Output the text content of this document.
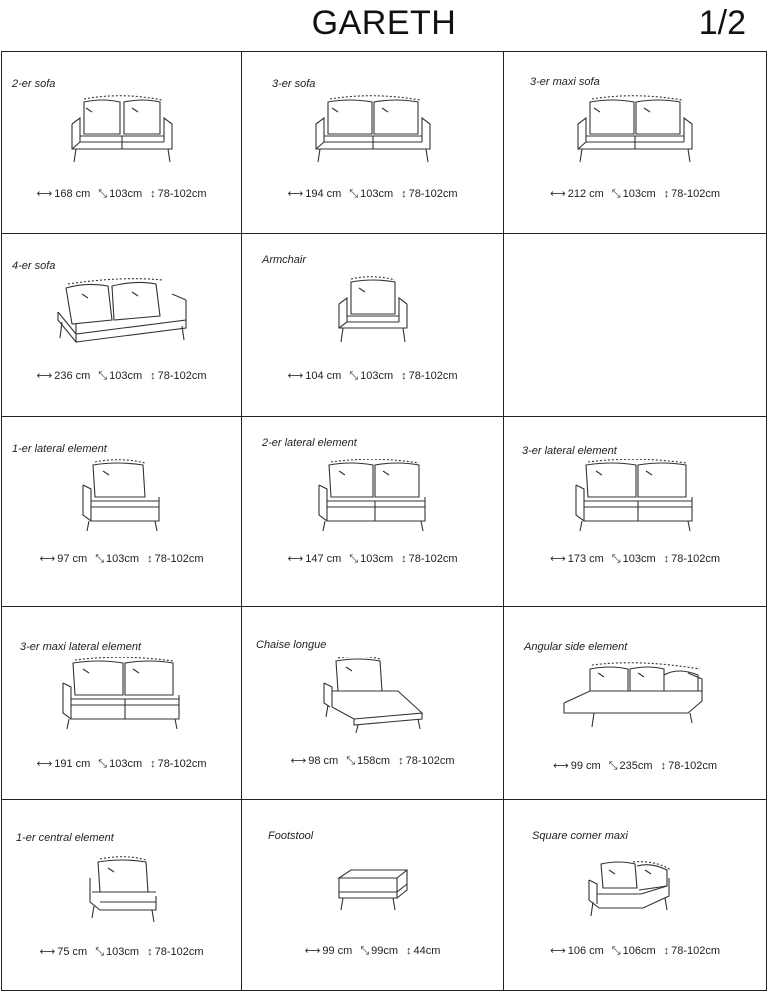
GARETH	1/2
2-er sofa
⟷ 168 cm ⤡ 103cm ↕ 78-102cm
3-er sofa
⟷ 194 cm ⤡ 103cm ↕ 78-102cm
3-er maxi sofa
⟷ 212 cm ⤡ 103cm ↕ 78-102cm
4-er sofa
⟷ 236 cm ⤡ 103cm ↕ 78-102cm
Armchair
⟷ 104 cm ⤡ 103cm ↕ 78-102cm
1-er lateral element
⟷ 97 cm ⤡ 103cm ↕ 78-102cm
2-er lateral element
⟷ 147 cm ⤡ 103cm ↕ 78-102cm
3-er lateral element
⟷ 173 cm ⤡ 103cm ↕ 78-102cm
3-er maxi lateral element
⟷ 191 cm ⤡ 103cm ↕ 78-102cm
Chaise longue
⟷ 98 cm ⤡ 158cm ↕ 78-102cm
Angular side element
⟷ 99 cm ⤡ 235cm ↕ 78-102cm
1-er central element
⟷ 75 cm ⤡ 103cm ↕ 78-102cm
Footstool
⟷ 99 cm ⤡ 99cm ↕ 44cm
Square corner maxi
⟷ 106 cm ⤡ 106cm ↕ 78-102cm
